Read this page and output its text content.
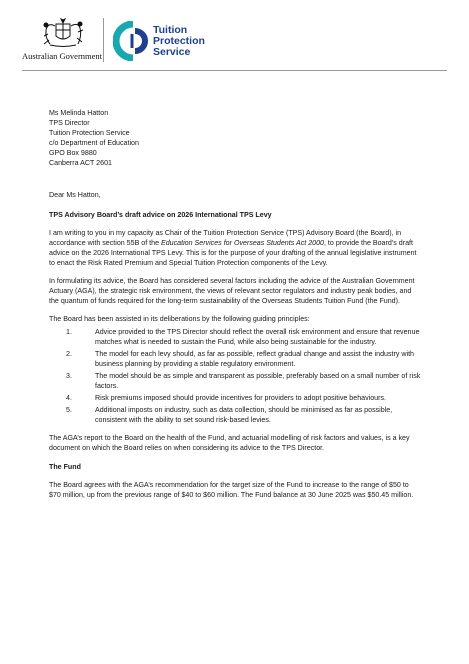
Australian Government
Tuition
Protection
Service
Ms Melinda Hatton
TPS Director
Tuition Protection Service
c/o Department of Education
GPO Box 9880
Canberra ACT 2601

Dear Ms Hatton,

TPS Advisory Board’s draft advice on 2026 International TPS Levy

I am writing to you in my capacity as Chair of the Tuition Protection Service (TPS) Advisory Board (the Board), in accordance with section 55B of the Education Services for Overseas Students Act 2000, to provide the Board’s draft advice on the 2026 International TPS Levy. This is for the purpose of your drafting of the annual legislative instrument to enact the Risk Rated Premium and Special Tuition Protection components of the Levy.

In formulating its advice, the Board has considered several factors including the advice of the Australian Government Actuary (AGA), the strategic risk environment, the views of relevant sector regulators and industry peak bodies, and the quantum of funds required for the long-term sustainability of the Overseas Students Tuition Fund (the Fund).

The Board has been assisted in its deliberations by the following guiding principles:

1.	Advice provided to the TPS Director should reflect the overall risk environment and ensure that revenue matches what is needed to sustain the Fund, while also being sustainable for the industry.
2.	The model for each levy should, as far as possible, reflect gradual change and assist the industry with business planning by providing a stable regulatory environment.
3.	The model should be as simple and transparent as possible, preferably based on a small number of risk factors.
4.	Risk premiums imposed should provide incentives for providers to adopt positive behaviours.
5.	Additional imposts on industry, such as data collection, should be minimised as far as possible, consistent with the ability to set sound risk-based levies.

The AGA’s report to the Board on the health of the Fund, and actuarial modelling of risk factors and values, is a key document on which the Board relies on when considering its advice to the TPS Director.

The Fund

The Board agrees with the AGA’s recommendation for the target size of the Fund to increase to the range of $50 to $70 million, up from the previous range of $40 to $60 million. The Fund balance at 30 June 2025 was $50.45 million.
